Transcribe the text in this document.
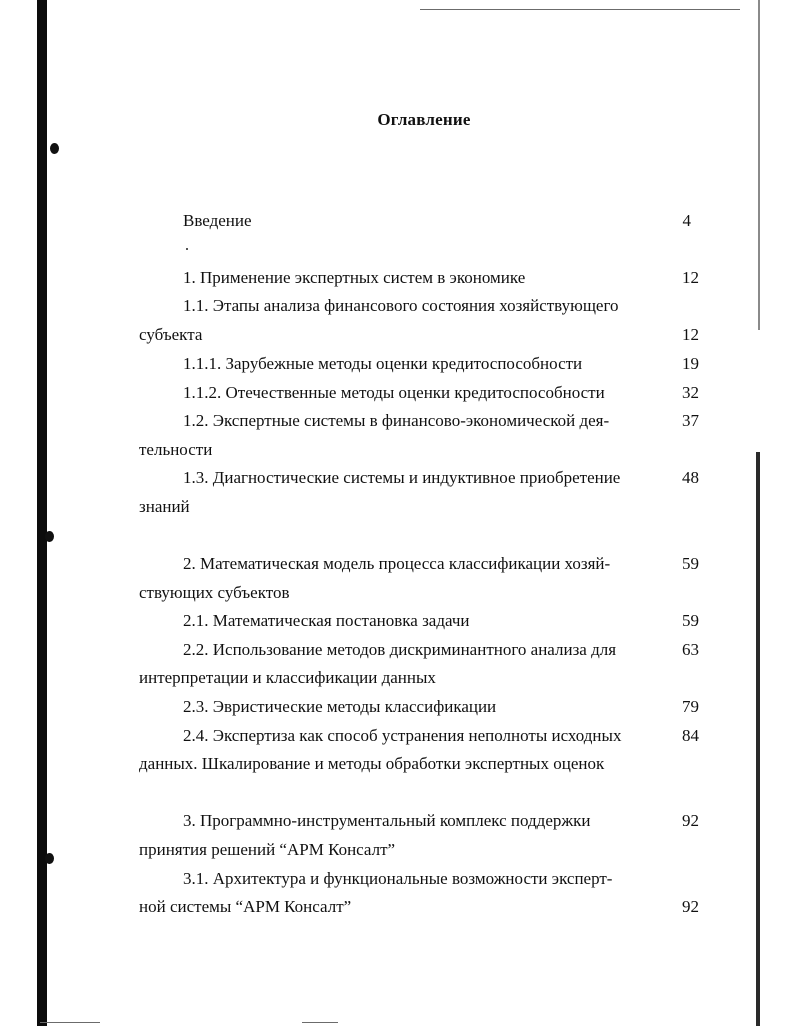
Оглавление
Введение	4
1. Применение экспертных систем в экономике	12
1.1. Этапы анализа финансового состояния хозяйствующего
субъекта	12
1.1.1. Зарубежные методы оценки кредитоспособности	19
1.1.2. Отечественные методы оценки кредитоспособности	32
1.2. Экспертные системы в финансово-экономической дея-	37
тельности
1.3. Диагностические системы и индуктивное приобретение	48
знаний
2. Математическая модель процесса классификации хозяй-	59
ствующих субъектов
2.1. Математическая постановка задачи	59
2.2. Использование методов дискриминантного анализа для	63
интерпретации и классификации данных
2.3. Эвристические методы классификации	79
2.4. Экспертиза как способ устранения неполноты исходных	84
данных. Шкалирование и методы обработки экспертных оценок
3. Программно-инструментальный комплекс поддержки	92
принятия решений “АРМ Консалт”
3.1. Архитектура и функциональные возможности эксперт-
ной системы “АРМ Консалт”	92
